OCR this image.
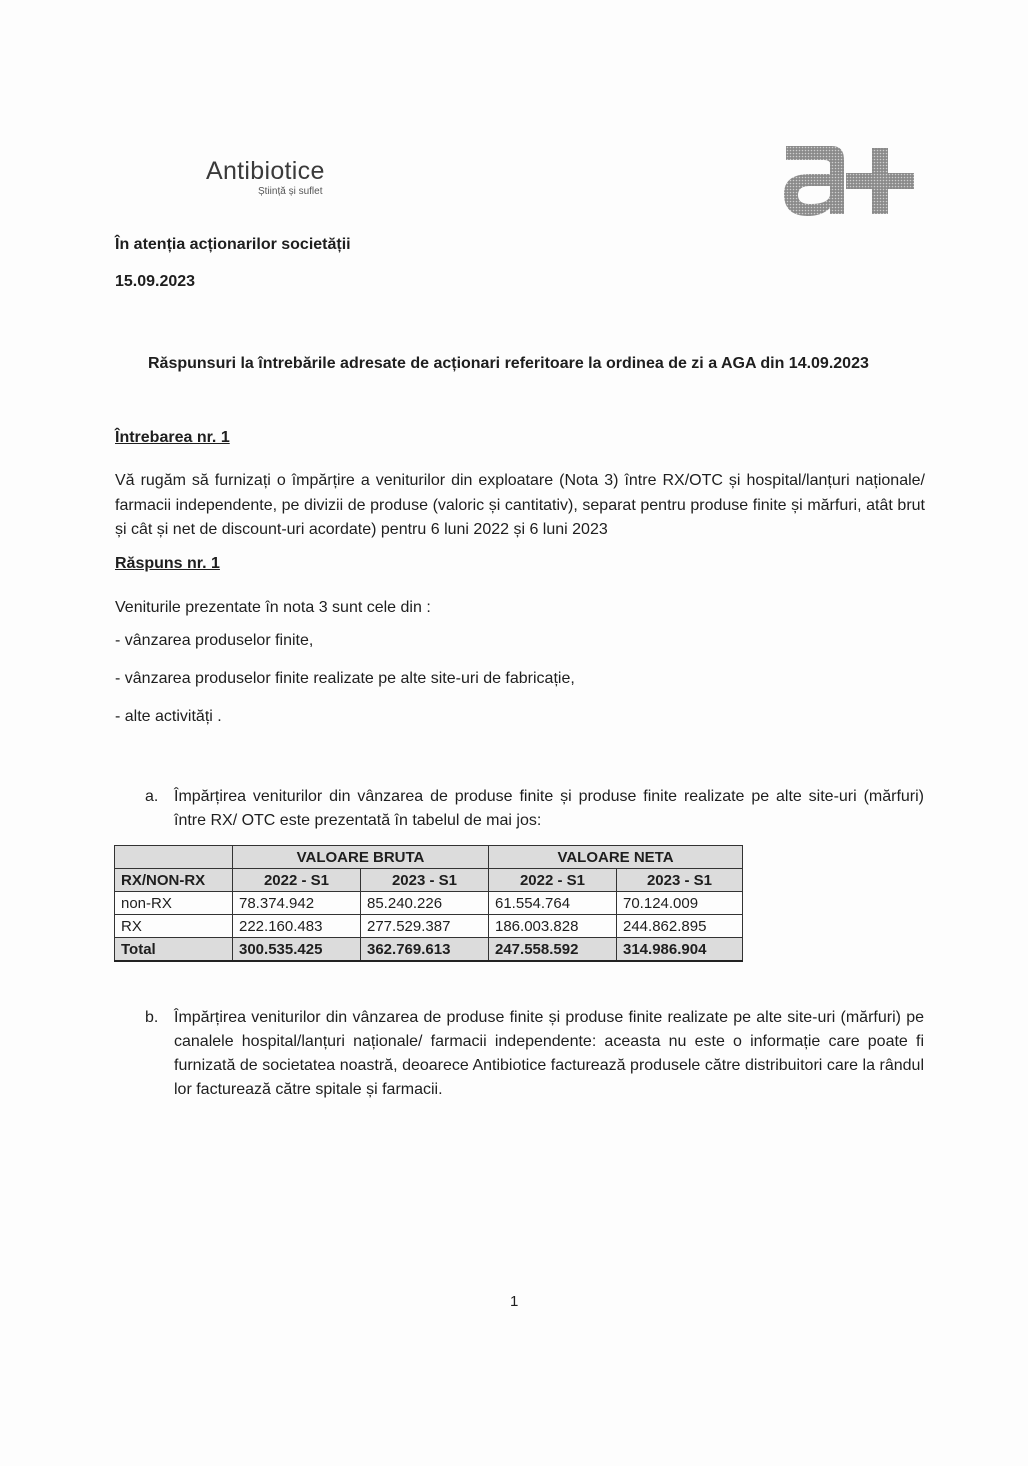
Antibiotice
Știință și suflet
În atenția acționarilor societății
15.09.2023
Răspunsuri la întrebările adresate de acționari referitoare la ordinea de zi a AGA din 14.09.2023
Întrebarea nr. 1
Vă rugăm să furnizați o împărțire a veniturilor din exploatare (Nota 3) între RX/OTC și hospital/lanțuri naționale/ farmacii independente, pe divizii de produse (valoric și cantitativ), separat pentru produse finite și mărfuri, atât brut și cât și net de discount-uri acordate) pentru 6 luni 2022 și 6 luni 2023
Răspuns nr. 1
Veniturile prezentate în nota 3 sunt cele din :
- vânzarea produselor finite,
- vânzarea produselor finite realizate pe alte site-uri de fabricație,
- alte activități .
a. Împărțirea veniturilor din vânzarea de produse finite și produse finite realizate pe alte site-uri (mărfuri) între RX/ OTC este prezentată în tabelul de mai jos:
	VALOARE BRUTA		VALOARE NETA	
RX/NON-RX	2022 - S1	2023 - S1	2022 - S1	2023 - S1
non-RX	78.374.942	85.240.226	61.554.764	70.124.009
RX	222.160.483	277.529.387	186.003.828	244.862.895
Total	300.535.425	362.769.613	247.558.592	314.986.904
b. Împărțirea veniturilor din vânzarea de produse finite și produse finite realizate pe alte site-uri (mărfuri) pe canalele hospital/lanțuri naționale/ farmacii independente: aceasta nu este o informație care poate fi furnizată de societatea noastră, deoarece Antibiotice facturează produsele către distribuitori care la rândul lor facturează către spitale și farmacii.
1
